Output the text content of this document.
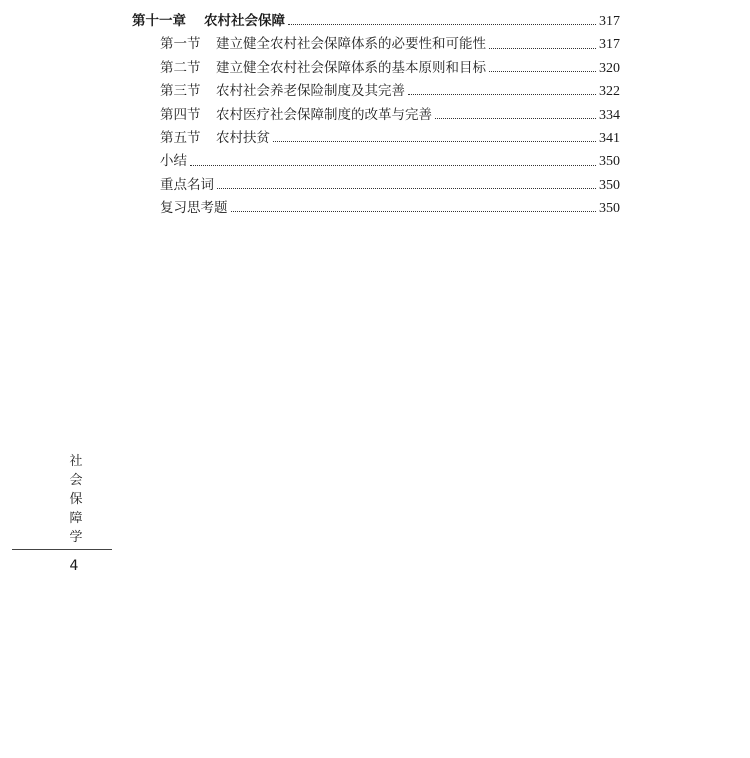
第十一章	农村社会保障	317
第一节	建立健全农村社会保障体系的必要性和可能性	317
第二节	建立健全农村社会保障体系的基本原则和目标	320
第三节	农村社会养老保险制度及其完善	322
第四节	农村医疗社会保障制度的改革与完善	334
第五节	农村扶贫	341
小结	350
重点名词	350
复习思考题	350
社
会
保
障
学
4
